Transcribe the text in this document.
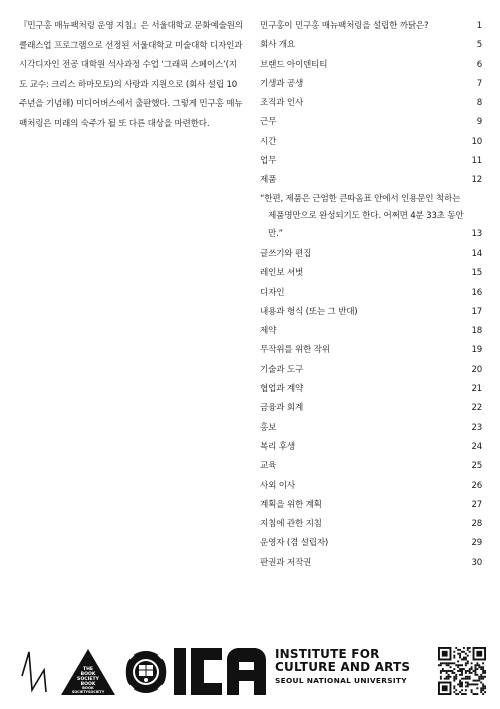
『민구홍 매뉴팩처링 운영 지침』은 서울대학교 문화예술원의 클래스업 프로그램으로 선정된 서울대학교 미술대학 디자인과 시각디자인 전공 대학원 석사과정 수업 ‘그래픽 스페이스’(지도 교수: 크리스 하마모토)의 사랑과 지원으로 (회사 설립 10주년을 기념해) 미디어버스에서 출판했다. 그렇게 민구홍 매뉴팩처링은 미래의 숙주가 될 또 다른 대상을 마련한다.
민구홍이 민구홍 매뉴팩처링을 설립한 까닭은?	1
회사 개요	5
브랜드 아이덴티티	6
기생과 공생	7
조직과 인사	8
근무	9
시간	10
업무	11
제품	12
“한편, 제품은 근엄한 큰따옴표 안에서 인용문인 척하는 제품명만으로 완성되기도 한다. 어쩌면 4분 33초 동안만.”	13
글쓰기와 편집	14
레인보 셔벗	15
디자인	16
내용과 형식 (또는 그 반대)	17
제약	18
무작위를 위한 작위	19
기술과 도구	20
협업과 계약	21
금융과 회계	22
홍보	23
복리 후생	24
교육	25
사외 이사	26
계획을 위한 계획	27
지침에 관한 지침	28
운영자 (겸 설립자)	29
판권과 저작권	30
THE
BOOK
SOCIETY
BOOK
BOOK
SOCIETYSOCIETY
INSTITUTE FOR
CULTURE AND ARTS
SEOUL NATIONAL UNIVERSITY
